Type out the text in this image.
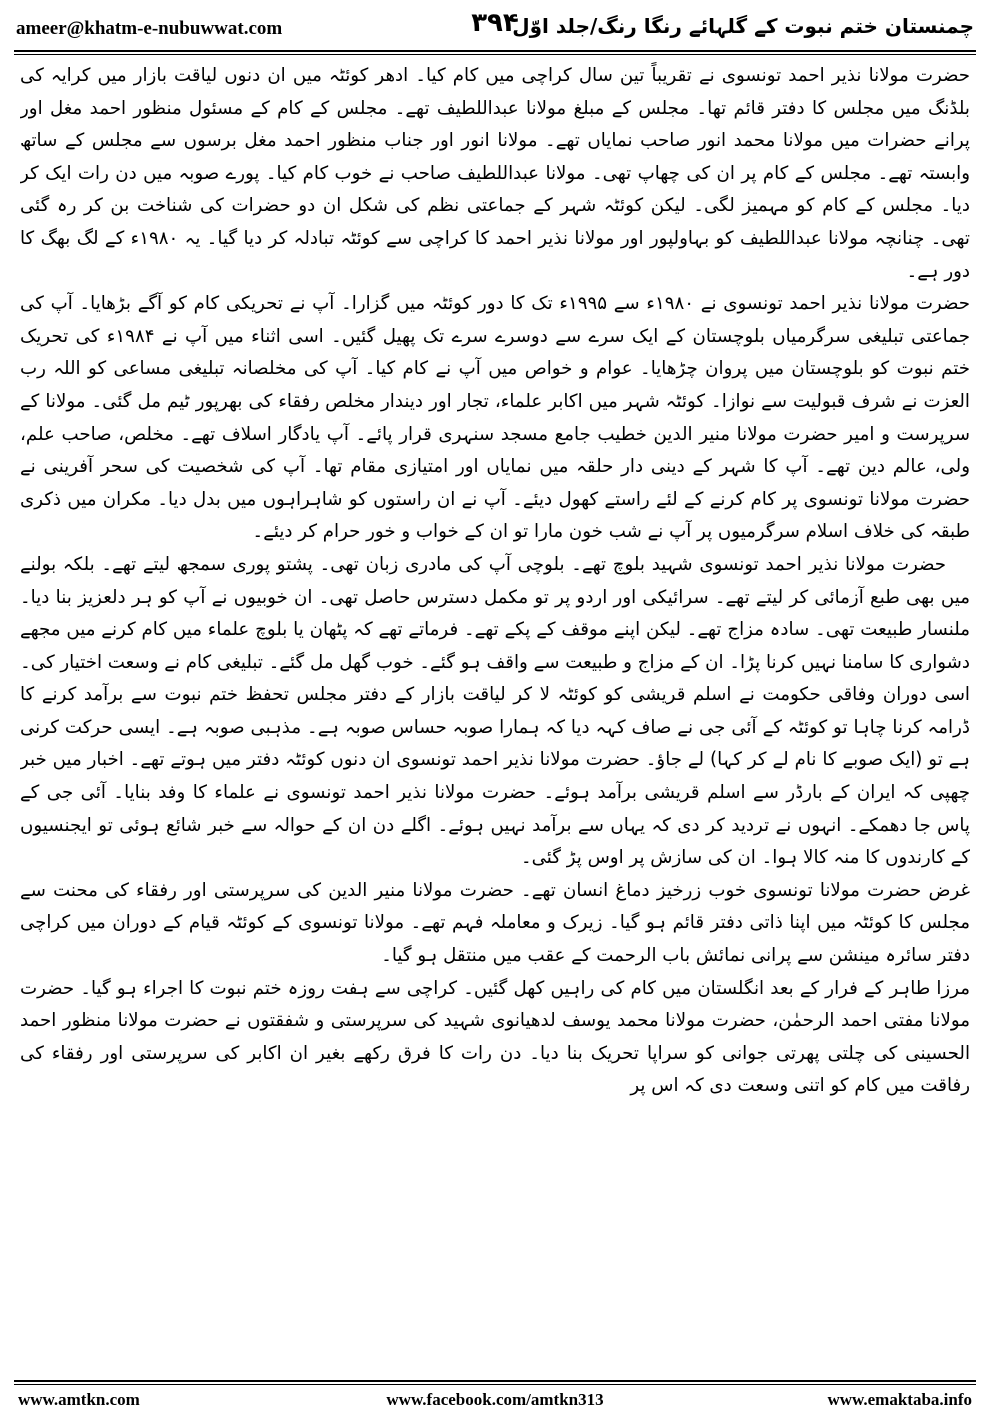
ameer@khatm-e-nubuwwat.com	۳۹۴
چمنستان ختم نبوت کے گلہائے رنگا رنگ/جلد اوّل

حضرت مولانا نذیر احمد تونسوی نے تقریباً تین سال کراچی میں کام کیا۔ ادھر کوئٹہ میں ان دنوں لیاقت بازار میں کرایہ کی بلڈنگ میں مجلس کا دفتر قائم تھا۔ مجلس کے مبلغ مولانا عبداللطیف تھے۔ مجلس کے کام کے مسئول منظور احمد مغل اور پرانے حضرات میں مولانا محمد انور صاحب نمایاں تھے۔ مولانا انور اور جناب منظور احمد مغل برسوں سے مجلس کے ساتھ وابستہ تھے۔ مجلس کے کام پر ان کی چھاپ تھی۔ مولانا عبداللطیف صاحب نے خوب کام کیا۔ پورے صوبہ میں دن رات ایک کر دیا۔ مجلس کے کام کو مہمیز لگی۔ لیکن کوئٹہ شہر کے جماعتی نظم کی شکل ان دو حضرات کی شناخت بن کر رہ گئی تھی۔ چنانچہ مولانا عبداللطیف کو بہاولپور اور مولانا نذیر احمد کا کراچی سے کوئٹہ تبادلہ کر دیا گیا۔ یہ ۱۹۸۰ء کے لگ بھگ کا دور ہے۔

حضرت مولانا نذیر احمد تونسوی نے ۱۹۸۰ء سے ۱۹۹۵ء تک کا دور کوئٹہ میں گزارا۔ آپ نے تحریکی کام کو آگے بڑھایا۔ آپ کی جماعتی تبلیغی سرگرمیاں بلوچستان کے ایک سرے سے دوسرے سرے تک پھیل گئیں۔ اسی اثناء میں آپ نے ۱۹۸۴ء کی تحریک ختم نبوت کو بلوچستان میں پروان چڑھایا۔ عوام و خواص میں آپ نے کام کیا۔ آپ کی مخلصانہ تبلیغی مساعی کو اللہ رب العزت نے شرف قبولیت سے نوازا۔ کوئٹہ شہر میں اکابر علماء، تجار اور دیندار مخلص رفقاء کی بھرپور ٹیم مل گئی۔ مولانا کے سرپرست و امیر حضرت مولانا منیر الدین خطیب جامع مسجد سنہری قرار پائے۔ آپ یادگار اسلاف تھے۔ مخلص، صاحب علم، ولی، عالم دین تھے۔ آپ کا شہر کے دینی دار حلقہ میں نمایاں اور امتیازی مقام تھا۔ آپ کی شخصیت کی سحر آفرینی نے حضرت مولانا تونسوی پر کام کرنے کے لئے راستے کھول دیئے۔ آپ نے ان راستوں کو شاہراہوں میں بدل دیا۔ مکران میں ذکری طبقہ کی خلاف اسلام سرگرمیوں پر آپ نے شب خون مارا تو ان کے خواب و خور حرام کر دیئے۔

حضرت مولانا نذیر احمد تونسوی شہید بلوچ تھے۔ بلوچی آپ کی مادری زبان تھی۔ پشتو پوری سمجھ لیتے تھے۔ بلکہ بولنے میں بھی طبع آزمائی کر لیتے تھے۔ سرائیکی اور اردو پر تو مکمل دسترس حاصل تھی۔ ان خوبیوں نے آپ کو ہر دلعزیز بنا دیا۔ ملنسار طبیعت تھی۔ سادہ مزاج تھے۔ لیکن اپنے موقف کے پکے تھے۔ فرماتے تھے کہ پٹھان یا بلوچ علماء میں کام کرنے میں مجھے دشواری کا سامنا نہیں کرنا پڑا۔ ان کے مزاج و طبیعت سے واقف ہو گئے۔ خوب گھل مل گئے۔ تبلیغی کام نے وسعت اختیار کی۔

اسی دوران وفاقی حکومت نے اسلم قریشی کو کوئٹہ لا کر لیاقت بازار کے دفتر مجلس تحفظ ختم نبوت سے برآمد کرنے کا ڈرامہ کرنا چاہا تو کوئٹہ کے آئی جی نے صاف کہہ دیا کہ ہمارا صوبہ حساس صوبہ ہے۔ مذہبی صوبہ ہے۔ ایسی حرکت کرنی ہے تو (ایک صوبے کا نام لے کر کہا) لے جاؤ۔ حضرت مولانا نذیر احمد تونسوی ان دنوں کوئٹہ دفتر میں ہوتے تھے۔ اخبار میں خبر چھپی کہ ایران کے بارڈر سے اسلم قریشی برآمد ہوئے۔ حضرت مولانا نذیر احمد تونسوی نے علماء کا وفد بنایا۔ آئی جی کے پاس جا دھمکے۔ انہوں نے تردید کر دی کہ یہاں سے برآمد نہیں ہوئے۔ اگلے دن ان کے حوالہ سے خبر شائع ہوئی تو ایجنسیوں کے کارندوں کا منہ کالا ہوا۔ ان کی سازش پر اوس پڑ گئی۔

غرض حضرت مولانا تونسوی خوب زرخیز دماغ انسان تھے۔ حضرت مولانا منیر الدین کی سرپرستی اور رفقاء کی محنت سے مجلس کا کوئٹہ میں اپنا ذاتی دفتر قائم ہو گیا۔ زیرک و معاملہ فہم تھے۔ مولانا تونسوی کے کوئٹہ قیام کے دوران میں کراچی دفتر سائرہ مینشن سے پرانی نمائش باب الرحمت کے عقب میں منتقل ہو گیا۔

مرزا طاہر کے فرار کے بعد انگلستان میں کام کی راہیں کھل گئیں۔ کراچی سے ہفت روزہ ختم نبوت کا اجراء ہو گیا۔ حضرت مولانا مفتی احمد الرحمٰن، حضرت مولانا محمد یوسف لدھیانوی شہید کی سرپرستی و شفقتوں نے حضرت مولانا منظور احمد الحسینی کی چلتی پھرتی جوانی کو سراپا تحریک بنا دیا۔ دن رات کا فرق رکھے بغیر ان اکابر کی سرپرستی اور رفقاء کی رفاقت میں کام کو اتنی وسعت دی کہ اس پر

www.amtkn.com	www.facebook.com/amtkn313	www.emaktaba.info
